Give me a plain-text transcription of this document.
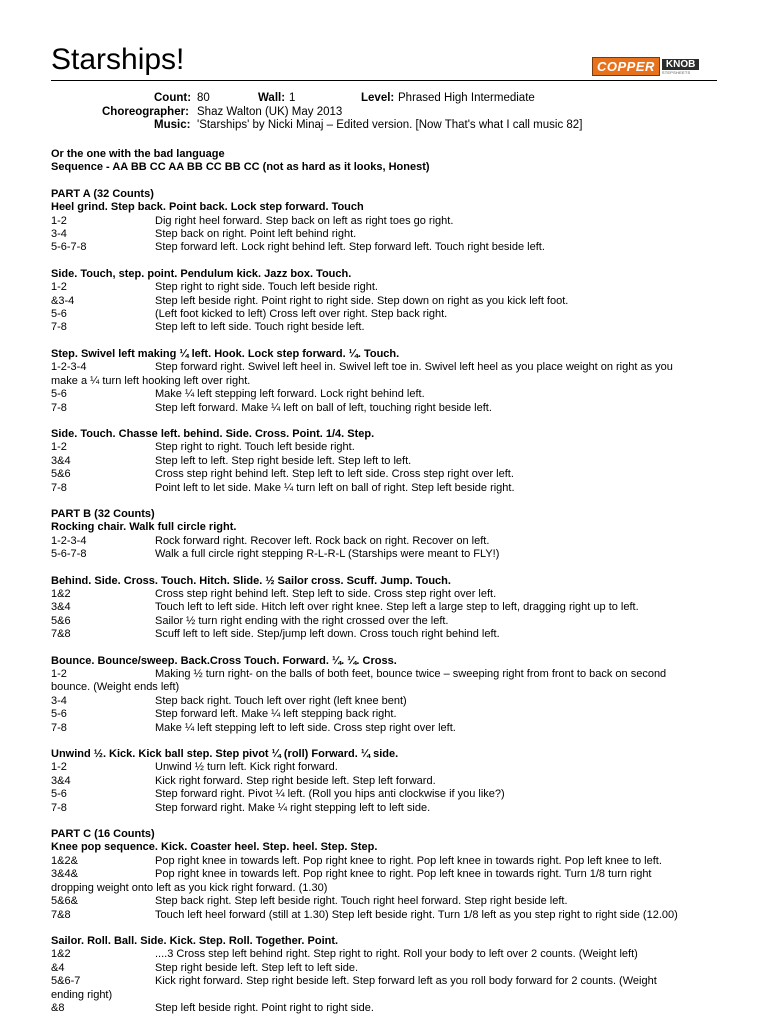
Starships!	COPPER	KNOB
STEPSHEETS
Count: 80	Wall: 1	Level: Phrased High Intermediate
Choreographer: Shaz Walton (UK) May 2013
Music: 'Starships' by Nicki Minaj – Edited version. [Now That's what I call music 82]
Or the one with the bad language
Sequence - AA BB CC AA BB CC BB CC (not as hard as it looks, Honest)
PART A (32 Counts)
Heel grind. Step back. Point back. Lock step forward. Touch
1-2	Dig right heel forward. Step back on left as right toes go right.
3-4	Step back on right. Point left behind right.
5-6-7-8	Step forward left. Lock right behind left. Step forward left. Touch right beside left.
Side. Touch, step. point. Pendulum kick. Jazz box. Touch.
1-2	Step right to right side. Touch left beside right.
&3-4	Step left beside right. Point right to right side. Step down on right as you kick left foot.
5-6	(Left foot kicked to left) Cross left over right. Step back right.
7-8	Step left to left side. Touch right beside left.
Step. Swivel left making ¼ left. Hook. Lock step forward. ¼. Touch.
1-2-3-4	Step forward right. Swivel left heel in. Swivel left toe in. Swivel left heel as you place weight on right as you
make a ¼ turn left hooking left over right.
5-6	Make ¼ left stepping left forward. Lock right behind left.
7-8	Step left forward. Make ¼ left on ball of left, touching right beside left.
Side. Touch. Chasse left. behind. Side. Cross. Point. 1/4. Step.
1-2	Step right to right. Touch left beside right.
3&4	Step left to left. Step right beside left. Step left to left.
5&6	Cross step right behind left. Step left to left side. Cross step right over left.
7-8	Point left to let side. Make ¼ turn left on ball of right. Step left beside right.
PART B (32 Counts)
Rocking chair. Walk full circle right.
1-2-3-4	Rock forward right. Recover left. Rock back on right. Recover on left.
5-6-7-8	Walk a full circle right stepping R-L-R-L (Starships were meant to FLY!)
Behind. Side. Cross. Touch. Hitch. Slide. ½ Sailor cross. Scuff. Jump. Touch.
1&2	Cross step right behind left. Step left to side. Cross step right over left.
3&4	Touch left to left side. Hitch left over right knee. Step left a large step to left, dragging right up to left.
5&6	Sailor ½ turn right ending with the right crossed over the left.
7&8	Scuff left to left side. Step/jump left down. Cross touch right behind left.
Bounce. Bounce/sweep. Back.Cross Touch. Forward. ¼. ¼. Cross.
1-2	Making ½ turn right- on the balls of both feet, bounce twice – sweeping right from front to back on second
bounce. (Weight ends left)
3-4	Step back right. Touch left over right (left knee bent)
5-6	Step forward left. Make ¼ left stepping back right.
7-8	Make ¼ left stepping left to left side. Cross step right over left.
Unwind ½. Kick. Kick ball step. Step pivot ¼ (roll) Forward. ¼ side.
1-2	Unwind ½ turn left. Kick right forward.
3&4	Kick right forward. Step right beside left. Step left forward.
5-6	Step forward right. Pivot ¼ left. (Roll you hips anti clockwise if you like?)
7-8	Step forward right. Make ¼ right stepping left to left side.
PART C (16 Counts)
Knee pop sequence. Kick. Coaster heel. Step. heel. Step. Step.
1&2&	Pop right knee in towards left. Pop right knee to right. Pop left knee in towards right. Pop left knee to left.
3&4&	Pop right knee in towards left. Pop right knee to right. Pop left knee in towards right. Turn 1/8 turn right
dropping weight onto left as you kick right forward. (1.30)
5&6&	Step back right. Step left beside right. Touch right heel forward. Step right beside left.
7&8	Touch left heel forward (still at 1.30) Step left beside right. Turn 1/8 left as you step right to right side (12.00)
Sailor. Roll. Ball. Side. Kick. Step. Roll. Together. Point.
1&2	....3 Cross step left behind right. Step right to right. Roll your body to left over 2 counts. (Weight left)
&4	Step right beside left. Step left to left side.
5&6-7	Kick right forward. Step right beside left. Step forward left as you roll body forward for 2 counts. (Weight
ending right)
&8	Step left beside right. Point right to right side.
